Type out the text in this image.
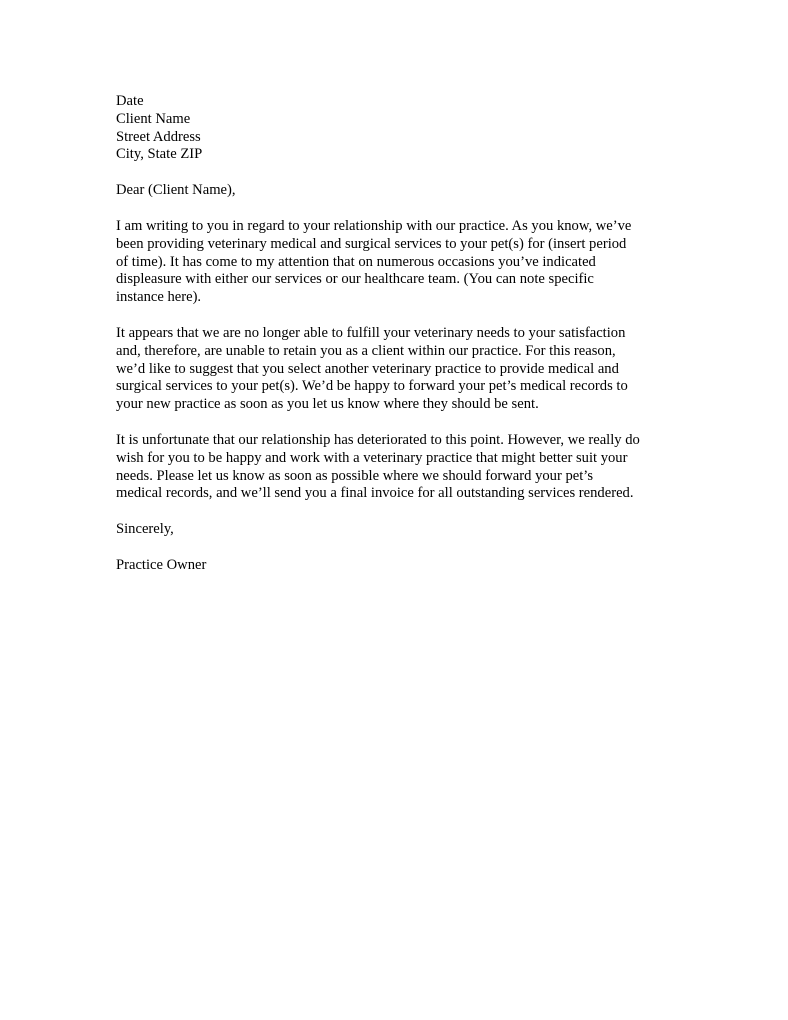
Date
Client Name
Street Address
City, State ZIP
Dear (Client Name),
I am writing to you in regard to your relationship with our practice. As you know, we’ve
been providing veterinary medical and surgical services to your pet(s) for (insert period
of time). It has come to my attention that on numerous occasions you’ve indicated
displeasure with either our services or our healthcare team. (You can note specific
instance here).
It appears that we are no longer able to fulfill your veterinary needs to your satisfaction
and, therefore, are unable to retain you as a client within our practice. For this reason,
we’d like to suggest that you select another veterinary practice to provide medical and
surgical services to your pet(s). We’d be happy to forward your pet’s medical records to
your new practice as soon as you let us know where they should be sent.
It is unfortunate that our relationship has deteriorated to this point. However, we really do
wish for you to be happy and work with a veterinary practice that might better suit your
needs. Please let us know as soon as possible where we should forward your pet’s
medical records, and we’ll send you a final invoice for all outstanding services rendered.
Sincerely,
Practice Owner
